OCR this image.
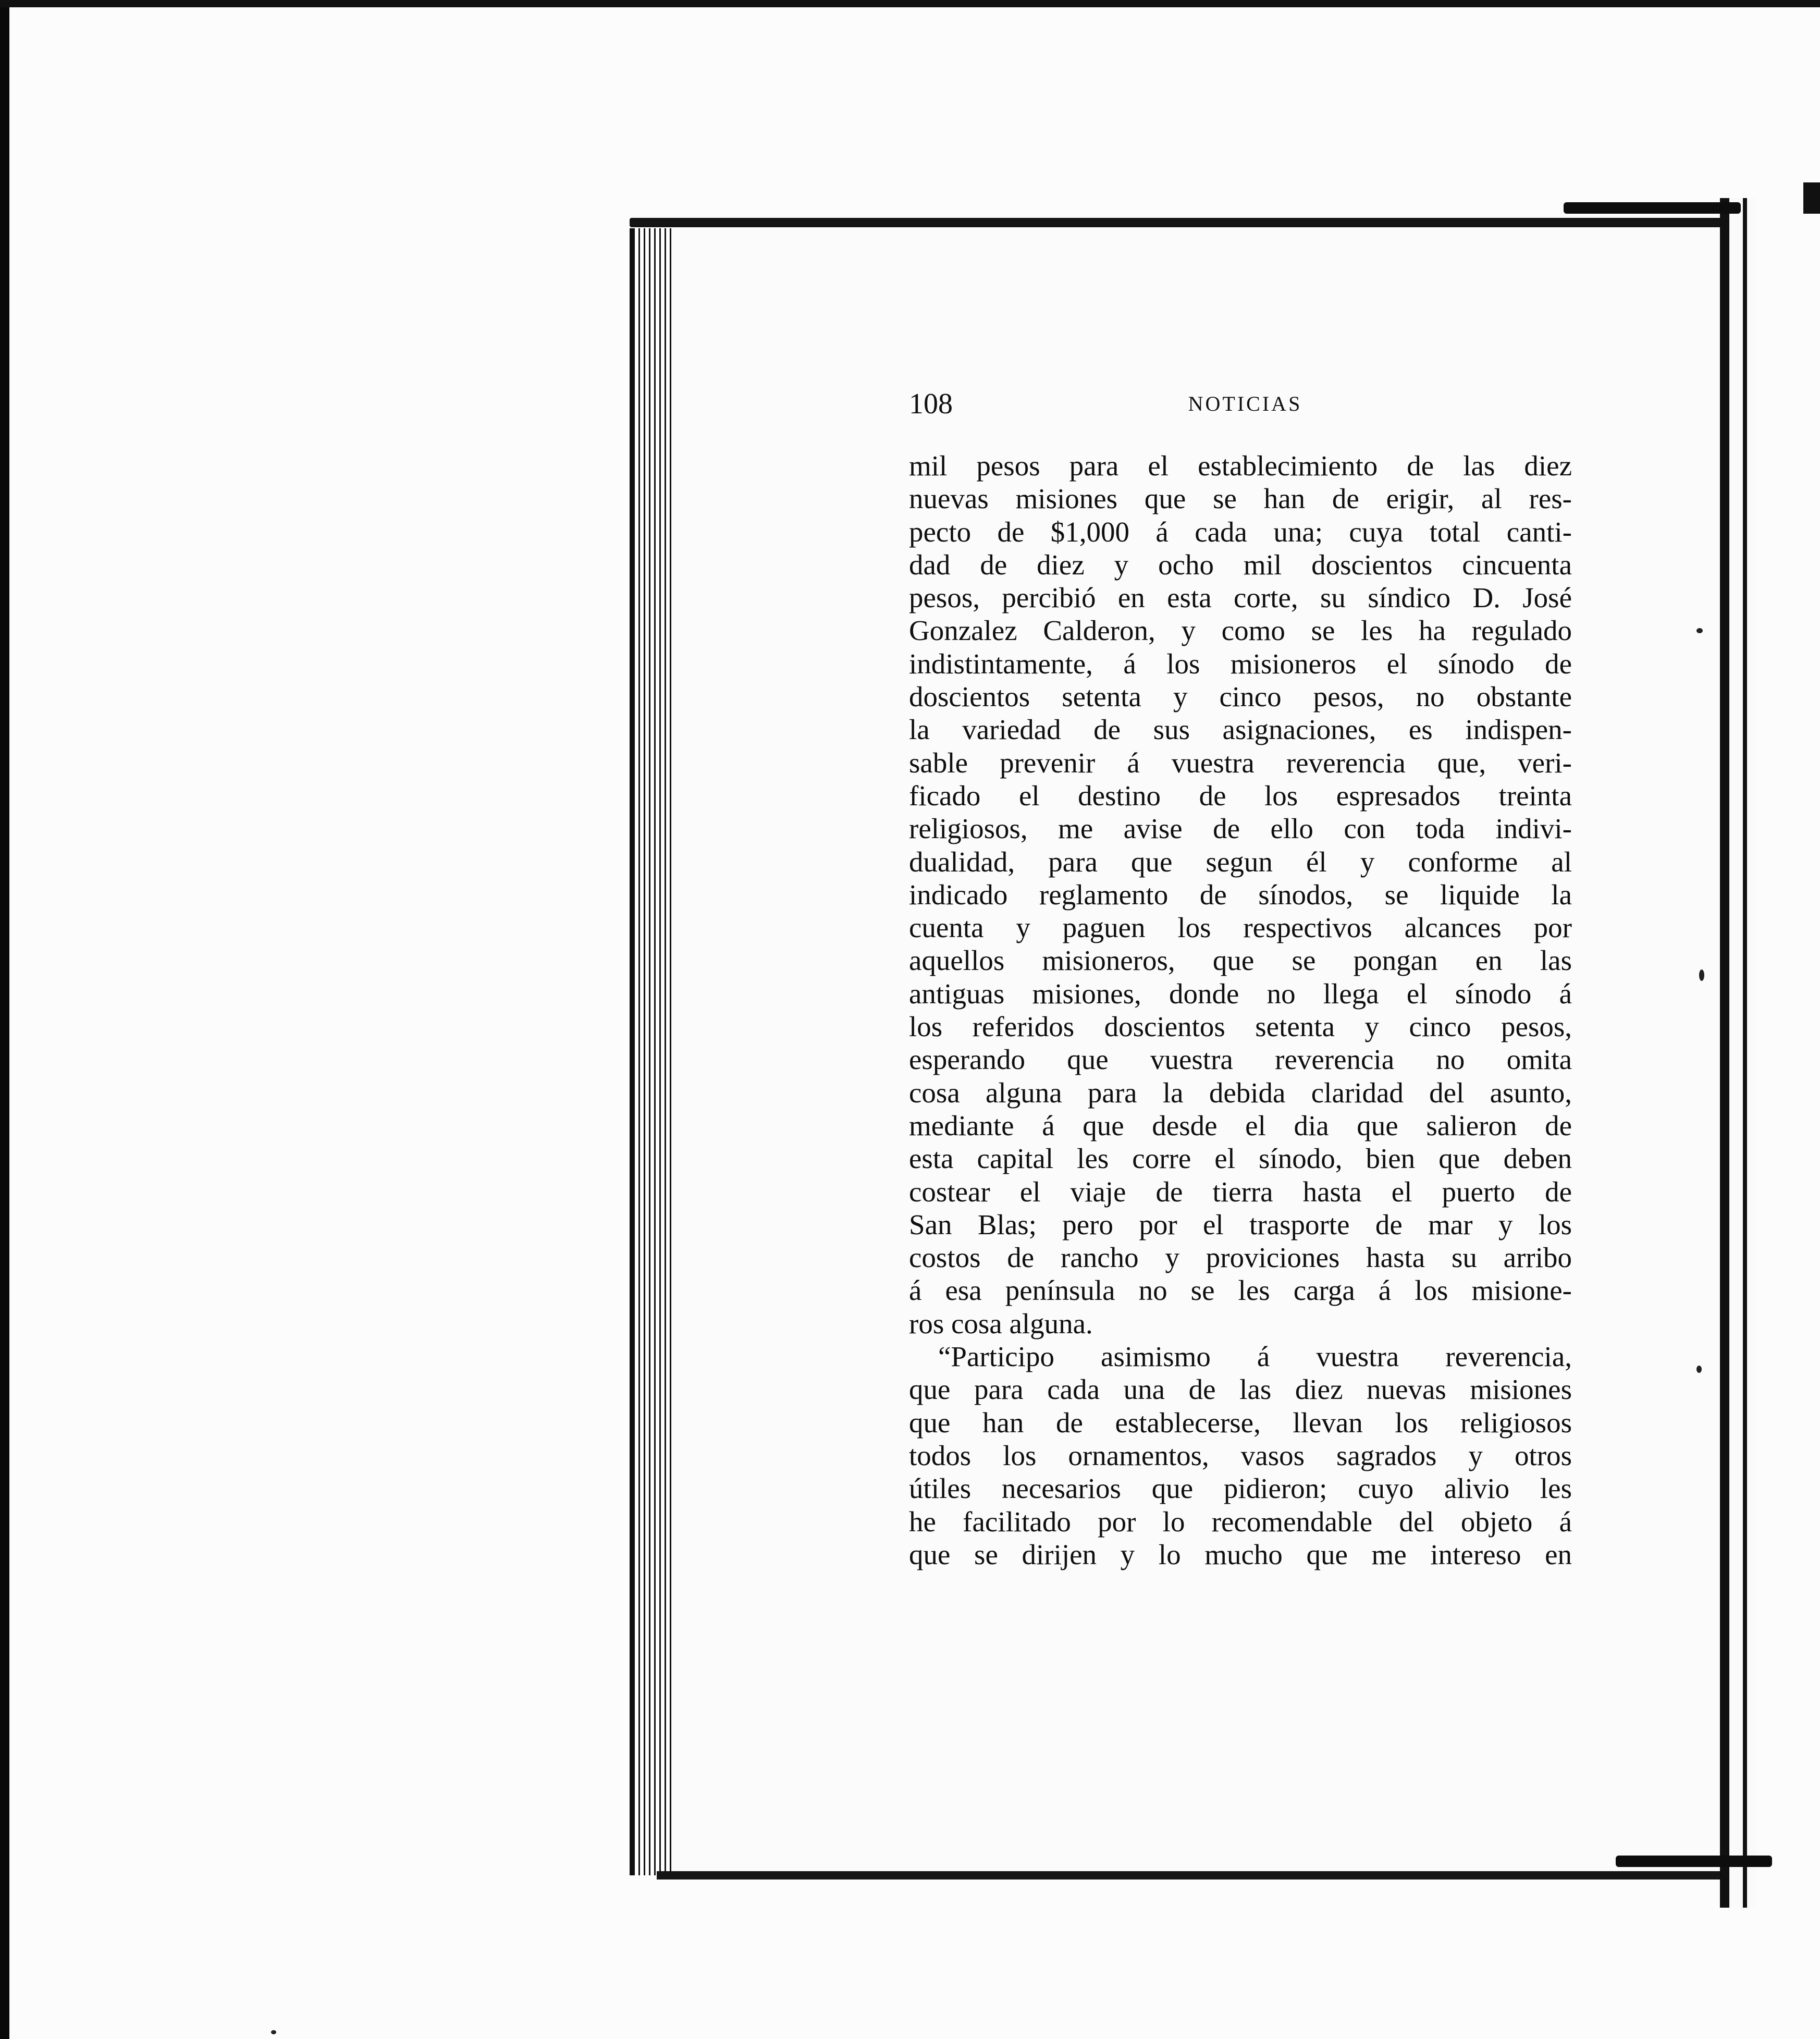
108	NOTICIAS
mil pesos para el establecimiento de las diez
nuevas misiones que se han de erigir, al res-
pecto de $1,000 á cada una; cuya total canti-
dad de diez y ocho mil doscientos cincuenta
pesos, percibió en esta corte, su síndico D. José
Gonzalez Calderon, y como se les ha regulado
indistintamente, á los misioneros el sínodo de
doscientos setenta y cinco pesos, no obstante
la variedad de sus asignaciones, es indispen-
sable prevenir á vuestra reverencia que, veri-
ficado el destino de los espresados treinta
religiosos, me avise de ello con toda indivi-
dualidad, para que segun él y conforme al
indicado reglamento de sínodos, se liquide la
cuenta y paguen los respectivos alcances por
aquellos misioneros, que se pongan en las
antiguas misiones, donde no llega el sínodo á
los referidos doscientos setenta y cinco pesos,
esperando que vuestra reverencia no omita
cosa alguna para la debida claridad del asunto,
mediante á que desde el dia que salieron de
esta capital les corre el sínodo, bien que deben
costear el viaje de tierra hasta el puerto de
San Blas; pero por el trasporte de mar y los
costos de rancho y proviciones hasta su arribo
á esa península no se les carga á los misione-
ros cosa alguna.
“Participo asimismo á vuestra reverencia,
que para cada una de las diez nuevas misiones
que han de establecerse, llevan los religiosos
todos los ornamentos, vasos sagrados y otros
útiles necesarios que pidieron; cuyo alivio les
he facilitado por lo recomendable del objeto á
que se dirijen y lo mucho que me intereso en
